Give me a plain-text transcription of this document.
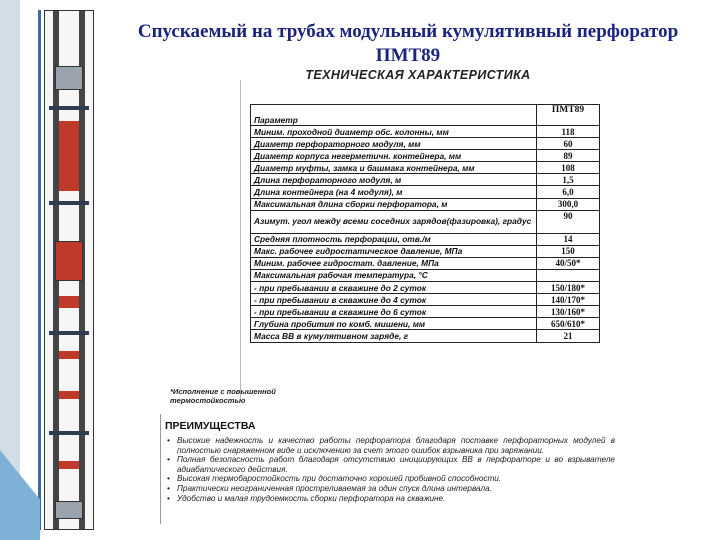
Спускаемый на трубах модульный кумулятивный перфоратор ПМТ89
ТЕХНИЧЕСКАЯ ХАРАКТЕРИСТИКА
Параметр	ПМТ89
Миним. проходной диаметр обс. колонны, мм	118
Диаметр перфораторного модуля, мм	60
Диаметр корпуса негерметичн. контейнера, мм	89
Диаметр муфты, замка и башмака контейнера, мм	108
Длина перфораторного модуля, м	1,5
Длина контейнера (на 4 модуля), м	6,0
Максимальная длина сборки перфоратора, м	300,0
Азимут. угол между всеми соседних зарядов(фазировка), градус	90
Средняя плотность перфорации, отв./м	14
Макс. рабочее гидростатическое давление, МПа	150
Миним. рабочее гидростат. давление, МПа	40/50*
Максимальная рабочая температура, °С	
- при пребывании в скважине до 2 суток	150/180*
- при пребывании в скважине до 4 суток	140/170*
- при пребывании в скважине до 6 суток	130/160*
Глубина пробития по комб. мишени, мм	650/610*
Масса ВВ в кумулятивном заряде, г	21
*Исполнение с повышенной термостойкостью
ПРЕИМУЩЕСТВА
• Высокие надежность и качество работы перфоратора благодаря поставке перфораторных модулей в полностью снаряженном виде и исключению за счет этого ошибок взрывника при заряжании.
• Полная безопасность работ благодаря отсутствию инициирующих ВВ в перфораторе и во взрывателе адиабатического действия.
• Высокая термобаростойкость при достаточно хорошей пробивной способности.
• Практически неограниченная простреливаемая за один спуск длина интервала.
• Удобство и малая трудоемкость сборки перфоратора на скважине.
